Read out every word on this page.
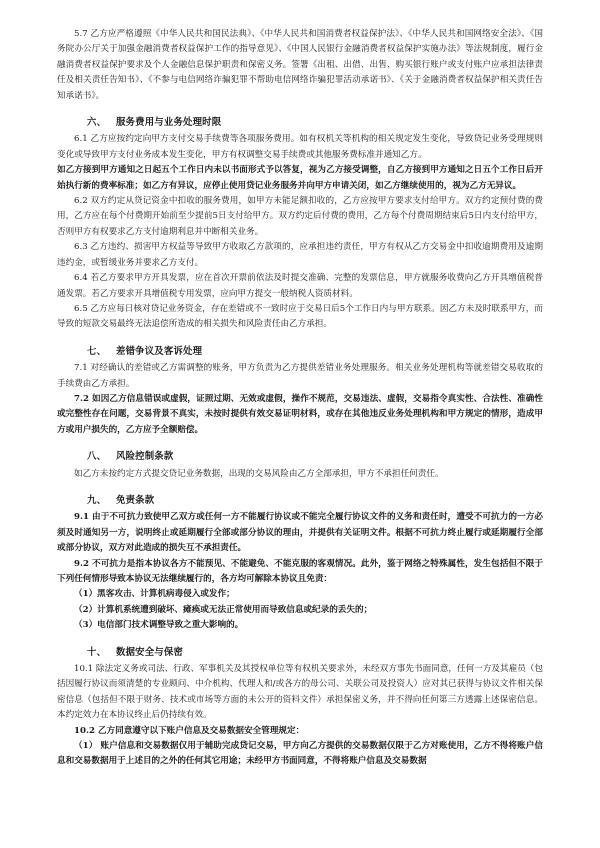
5.7 乙方应严格遵照《中华人民共和国民法典》、《中华人民共和国消费者权益保护法》、《中华人民共和国网络安全法》、《国务院办公厅关于加强金融消费者权益保护工作的指导意见》、《中国人民银行金融消费者权益保护实施办法》等法规制度，履行金融消费者权益保护要求及个人金融信息保护职责和保密义务。签署《出租、出借、出售、购买银行账户或支付账户应承担法律责任及相关责任告知书》、《不参与电信网络诈骗犯罪不帮助电信网络诈骗犯罪活动承诺书》、《关于金融消费者权益保护相关责任告知承诺书》。

六、 服务费用与业务处理时限

6.1 乙方应按约定向甲方支付交易手续费等各项服务费用。如有权机关等机构的相关规定发生变化，导致贷记业务受理规则变化或导致甲方支付业务成本发生变化，甲方有权调整交易手续费或其他服务费标准并通知乙方。

如乙方接到甲方通知之日起五个工作日内未以书面形式予以答复，视为乙方接受调整，自乙方接到甲方通知之日五个工作日后开始执行新的费率标准；如乙方有异议，应停止使用贷记业务服务并向甲方申请关闭，如乙方继续使用的，视为乙方无异议。

6.2 双方约定从贷记资金中扣收的服务费用，如甲方未能足额扣收的，乙方应按甲方要求支付给甲方。双方约定预付费的费用，乙方应在每个付费期开始前至少提前5日支付给甲方。双方约定后付费的费用，乙方每个付费周期结束后5日内支付给甲方，否则甲方有权要求乙方支付逾期利息并中断相关业务。

6.3 乙方违约、损害甲方权益等导致甲方收取乙方款项的，应承担违约责任，甲方有权从乙方交易金中扣收逾期费用及逾期违约金，或暂缓业务并要求乙方支付。

6.4 若乙方要求甲方开具发票，应在首次开票前依法及时提交准确、完整的发票信息，甲方就服务收费向乙方开具增值税普通发票。若乙方要求开具增值税专用发票，应向甲方提交一般纳税人资质材料。

6.5 乙方应每日核对贷记业务资金，存在差错或不一致时应于交易日后5个工作日内与甲方联系。因乙方未及时联系甲方，而导致的短款交易最终无法追偿所造成的相关损失和风险责任由乙方承担。

七、 差错争议及客诉处理

7.1 对经确认的差错或乙方需调整的账务，甲方负责为乙方提供差错业务处理服务。相关业务处理机构等就差错交易收取的手续费由乙方承担。

7.2 如因乙方信息错误或虚假，证照过期、无效或虚假，操作不规范，交易违法、虚假，交易指令真实性、合法性、准确性或完整性存在问题，交易背景不真实，未按时提供有效交易证明材料，或存在其他违反业务处理机构和甲方规定的情形，造成甲方或用户损失的，乙方应予全额赔偿。

八、 风险控制条款

如乙方未按约定方式提交贷记业务数据，出现的交易风险由乙方全部承担，甲方不承担任何责任。

九、 免责条款

9.1 由于不可抗力致使甲乙双方或任何一方不能履行协议或不能完全履行协议文件的义务和责任时，遭受不可抗力的一方必须及时通知另一方，说明终止或延期履行全部或部分协议的理由，并提供有关证明文件。根据不可抗力终止履行或延期履行全部或部分协议，双方对此造成的损失互不承担责任。

9.2 不可抗力是指本协议各方不能预见、不能避免、不能克服的客观情况。此外，鉴于网络之特殊属性，发生包括但不限于下列任何情形导致本协议无法继续履行的，各方均可解除本协议且免责：

（1）黑客攻击、计算机病毒侵入或发作；

（2）计算机系统遭到破坏、瘫痪或无法正常使用而导致信息或纪录的丢失的；

（3）电信部门技术调整导致之重大影响的。

十、 数据安全与保密

10.1 除法定义务或司法、行政、军事机关及其授权单位等有权机关要求外，未经双方事先书面同意，任何一方及其雇员（包括因履行协议而须清楚的专业顾问、中介机构、代理人和/或各方的母公司、关联公司及投资人）应对其已获得与协议文件相关保密信息（包括但不限于财务、技术或市场等方面的未公开的资料文件）承担保密义务，并不得向任何第三方透露上述保密信息。本约定效力在本协议终止后仍持续有效。

10.2 乙方同意遵守以下账户信息及交易数据安全管理规定：

（1） 账户信息和交易数据仅用于辅助完成贷记交易，甲方向乙方提供的交易数据仅限于乙方对账使用，乙方不得将账户信息和交易数据用于上述目的之外的任何其它用途；未经甲方书面同意，不得将账户信息及交易数据
